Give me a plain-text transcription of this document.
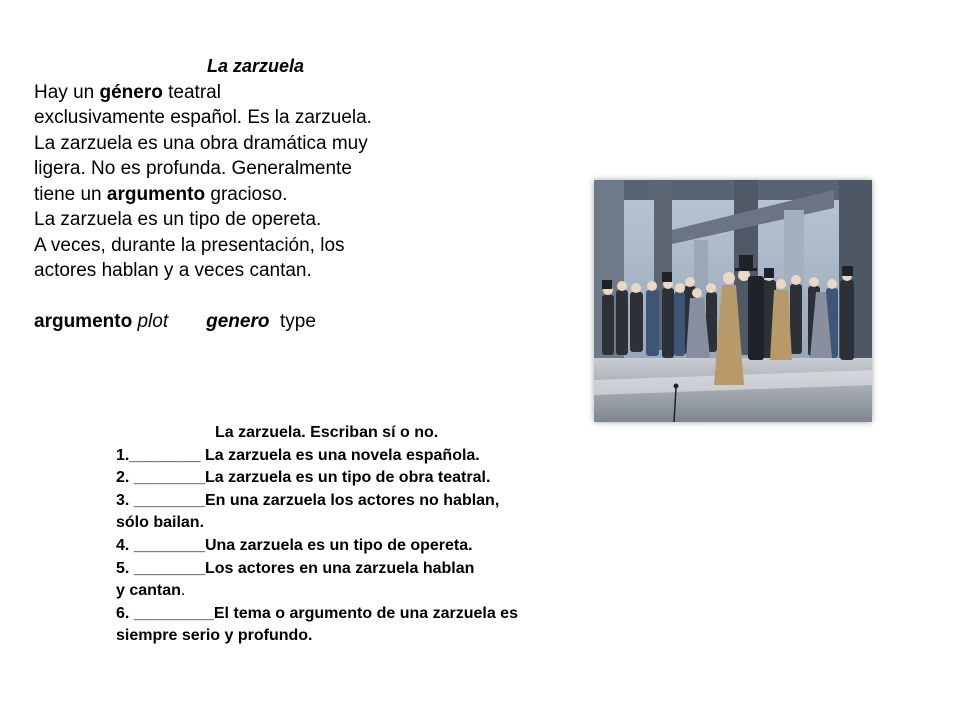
La zarzuela
Hay un género teatral
exclusivamente español. Es la zarzuela.
La zarzuela es una obra dramática muy
ligera. No es profunda. Generalmente
tiene un argumento gracioso.
La zarzuela es un tipo de opereta.
A veces, durante la presentación, los
actores hablan y a veces cantan.
argumento plot genero type
La zarzuela. Escriban sí o no.
1.________ La zarzuela es una novela española.
2. ________La zarzuela es un tipo de obra teatral.
3. ________En una zarzuela los actores no hablan,
sólo bailan.
4. ________Una zarzuela es un tipo de opereta.
5. ________Los actores en una zarzuela hablan
y cantan.
6. _________El tema o argumento de una zarzuela es
siempre serio y profundo.
